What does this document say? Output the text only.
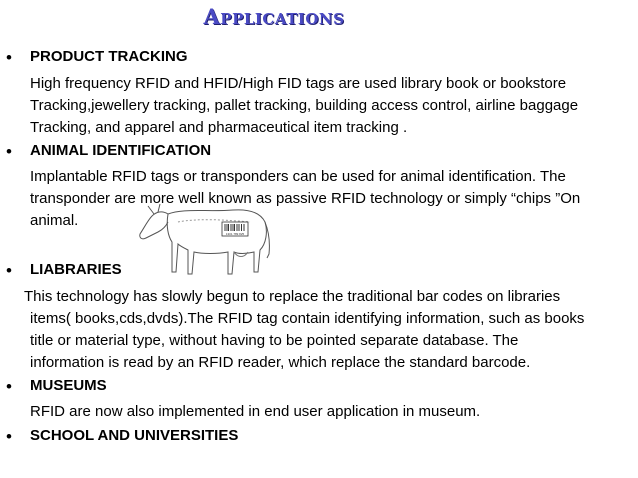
Applications
• PRODUCT TRACKING
High frequency RFID and HFID/High FID tags are used library book or bookstore
Tracking,jewellery tracking, pallet tracking, building access control, airline baggage
Tracking, and apparel and pharmaceutical item tracking .
• ANIMAL IDENTIFICATION
Implantable RFID tags or transponders can be used for animal identification. The
transponder are more well known as passive RFID technology or simply “chips ”On
animal.
1301 789 825
• LIABRARIES
This technology has slowly begun to replace the traditional bar codes on libraries
items( books,cds,dvds).The RFID tag contain identifying information, such as books
title or material type, without having to be pointed separate database. The
information is read by an RFID reader, which replace the standard barcode.
• MUSEUMS
RFID are now also implemented in end user application in museum.
• SCHOOL AND UNIVERSITIES
